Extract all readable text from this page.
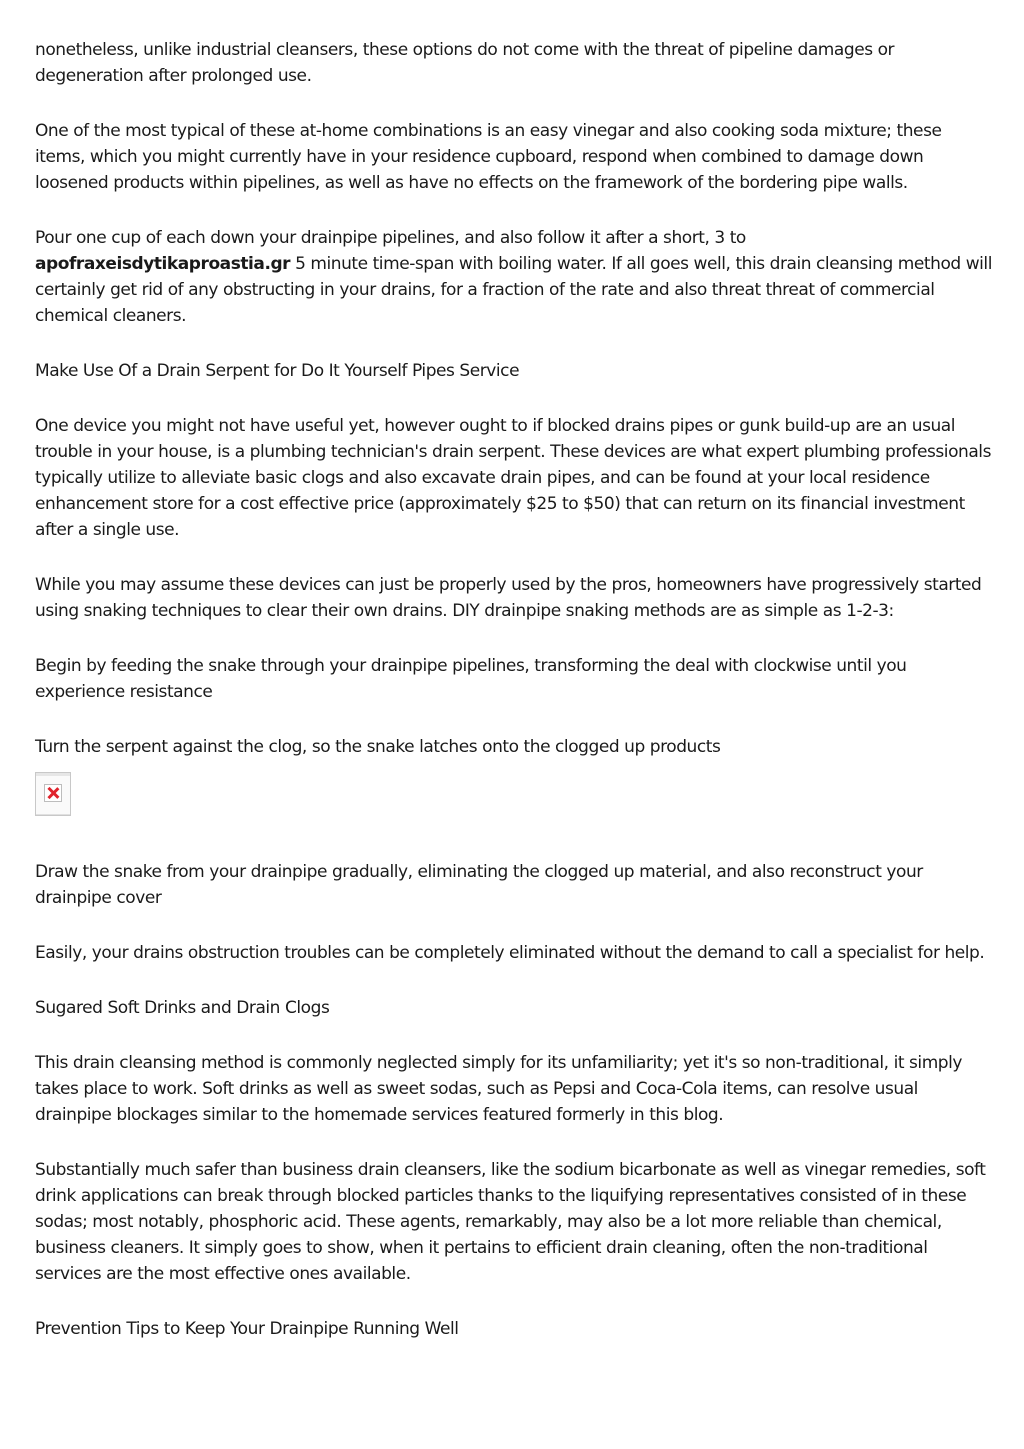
nonetheless, unlike industrial cleansers, these options do not come with the threat of pipeline damages or degeneration after prolonged use.

One of the most typical of these at-home combinations is an easy vinegar and also cooking soda mixture; these items, which you might currently have in your residence cupboard, respond when combined to damage down loosened products within pipelines, as well as have no effects on the framework of the bordering pipe walls.

Pour one cup of each down your drainpipe pipelines, and also follow it after a short, 3 to apofraxeisdytikaproastia.gr 5 minute time-span with boiling water. If all goes well, this drain cleansing method will certainly get rid of any obstructing in your drains, for a fraction of the rate and also threat threat of commercial chemical cleaners.

Make Use Of a Drain Serpent for Do It Yourself Pipes Service

One device you might not have useful yet, however ought to if blocked drains pipes or gunk build-up are an usual trouble in your house, is a plumbing technician's drain serpent. These devices are what expert plumbing professionals typically utilize to alleviate basic clogs and also excavate drain pipes, and can be found at your local residence enhancement store for a cost effective price (approximately $25 to $50) that can return on its financial investment after a single use.

While you may assume these devices can just be properly used by the pros, homeowners have progressively started using snaking techniques to clear their own drains. DIY drainpipe snaking methods are as simple as 1-2-3:

Begin by feeding the snake through your drainpipe pipelines, transforming the deal with clockwise until you experience resistance

Turn the serpent against the clog, so the snake latches onto the clogged up products

Draw the snake from your drainpipe gradually, eliminating the clogged up material, and also reconstruct your drainpipe cover

Easily, your drains obstruction troubles can be completely eliminated without the demand to call a specialist for help.

Sugared Soft Drinks and Drain Clogs

This drain cleansing method is commonly neglected simply for its unfamiliarity; yet it's so non-traditional, it simply takes place to work. Soft drinks as well as sweet sodas, such as Pepsi and Coca-Cola items, can resolve usual drainpipe blockages similar to the homemade services featured formerly in this blog.

Substantially much safer than business drain cleansers, like the sodium bicarbonate as well as vinegar remedies, soft drink applications can break through blocked particles thanks to the liquifying representatives consisted of in these sodas; most notably, phosphoric acid. These agents, remarkably, may also be a lot more reliable than chemical, business cleaners. It simply goes to show, when it pertains to efficient drain cleaning, often the non-traditional services are the most effective ones available.

Prevention Tips to Keep Your Drainpipe Running Well
